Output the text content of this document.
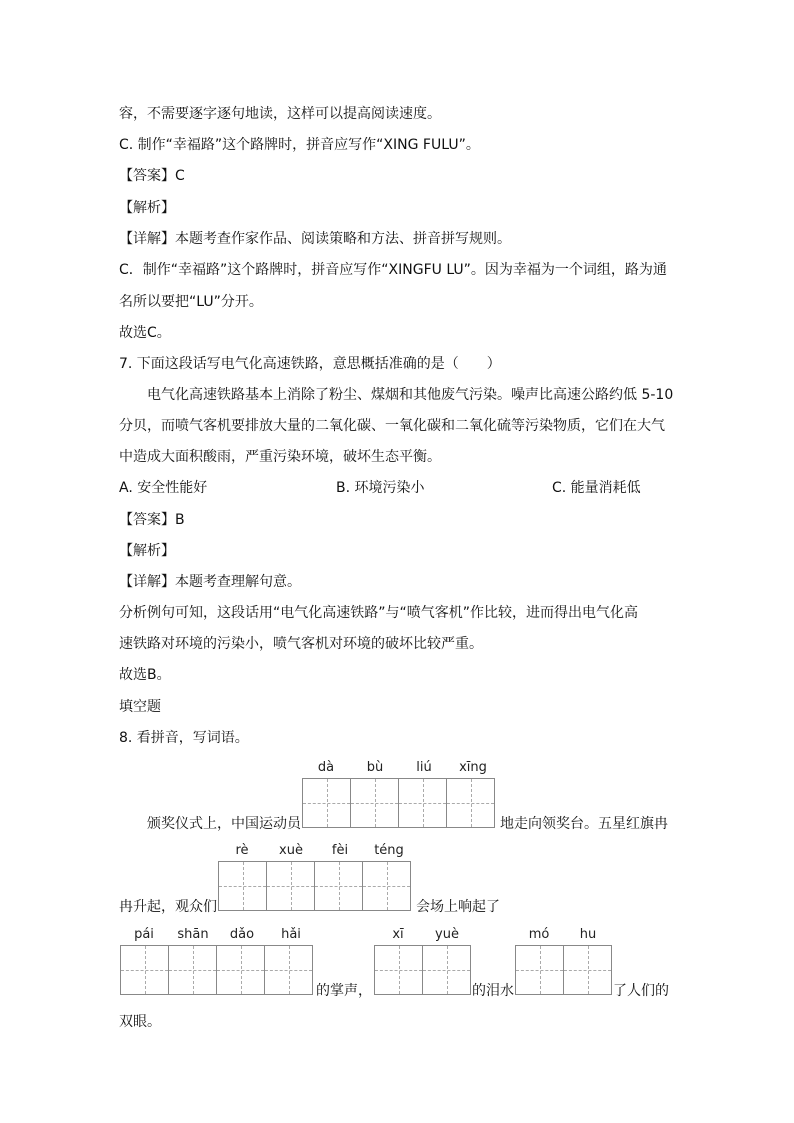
容，不需要逐字逐句地读，这样可以提高阅读速度。
C. 制作“幸福路”这个路牌时，拼音应写作“XING FULU”。
【答案】C
【解析】
【详解】本题考查作家作品、阅读策略和方法、拼音拼写规则。
C．制作“幸福路”这个路牌时，拼音应写作“XINGFU LU”。因为幸福为一个词组，路为通
名所以要把“LU”分开。
故选C。
7. 下面这段话写电气化高速铁路，意思概括准确的是（　　）
电气化高速铁路基本上消除了粉尘、煤烟和其他废气污染。噪声比高速公路约低 5-10
分贝，而喷气客机要排放大量的二氧化碳、一氧化碳和二氧化硫等污染物质，它们在大气
中造成大面积酸雨，严重污染环境，破坏生态平衡。
A. 安全性能好	B. 环境污染小	C. 能量消耗低
【答案】B
【解析】
【详解】本题考查理解句意。
分析例句可知，这段话用“电气化高速铁路”与“喷气客机”作比较，进而得出电气化高
速铁路对环境的污染小，喷气客机对环境的破坏比较严重。
故选B。
填空题
8. 看拼音，写词语。
dà	bù	liú	xīng
颁奖仪式上，中国运动员	地走向领奖台。五星红旗冉
rè	xuè	fèi	téng
冉升起，观众们	会场上响起了
pái	shān	dǎo	hǎi
的掌声，
xī	yuè
的泪水
mó	hu
了人们的
双眼。
